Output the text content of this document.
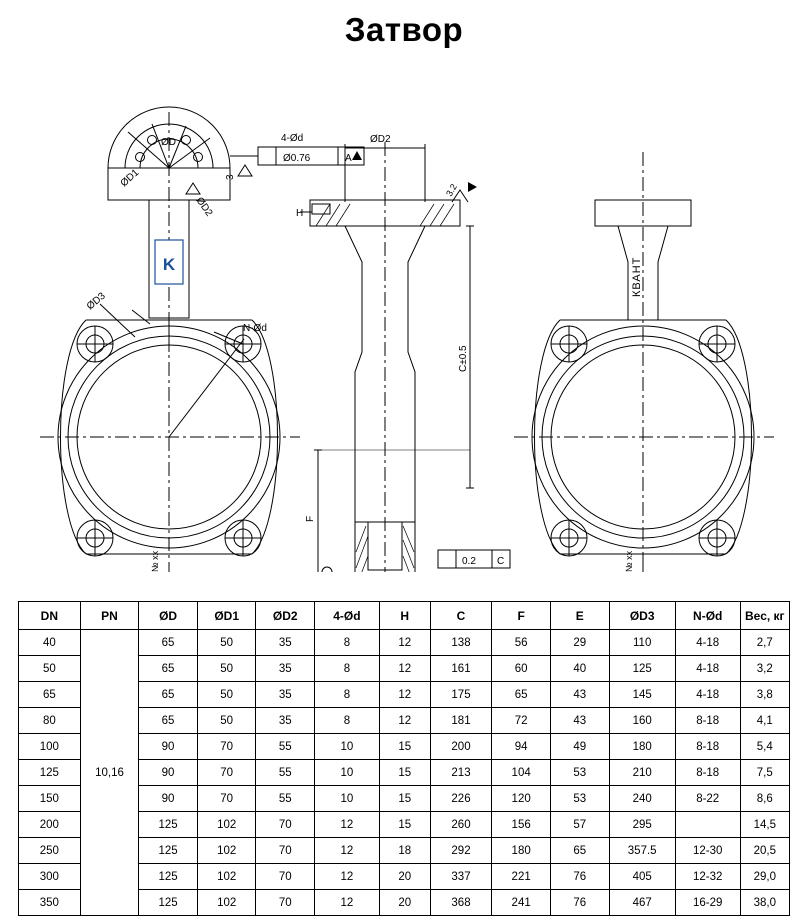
Затвор
K
ØD
ØD1
ØD2
3
4-Ød
Ø0.76	A
ØD3
N-Ød
№ xx
ØD2
H
C±0.5
F
3.2
0.2 C
КВАНТ
№ xx
DN	PN	ØD	ØD1	ØD2	4-Ød	H	C	F	E	ØD3	N-Ød	Вес, кг
40	10,16	65	50	35	8	12	138	56	29	110	4-18	2,7
50		65	50	35	8	12	161	60	40	125	4-18	3,2
65		65	50	35	8	12	175	65	43	145	4-18	3,8
80		65	50	35	8	12	181	72	43	160	8-18	4,1
100		90	70	55	10	15	200	94	49	180	8-18	5,4
125		90	70	55	10	15	213	104	53	210	8-18	7,5
150		90	70	55	10	15	226	120	53	240	8-22	8,6
200		125	102	70	12	15	260	156	57	295		14,5
250		125	102	70	12	18	292	180	65	357.5	12-30	20,5
300		125	102	70	12	20	337	221	76	405	12-32	29,0
350		125	102	70	12	20	368	241	76	467	16-29	38,0
